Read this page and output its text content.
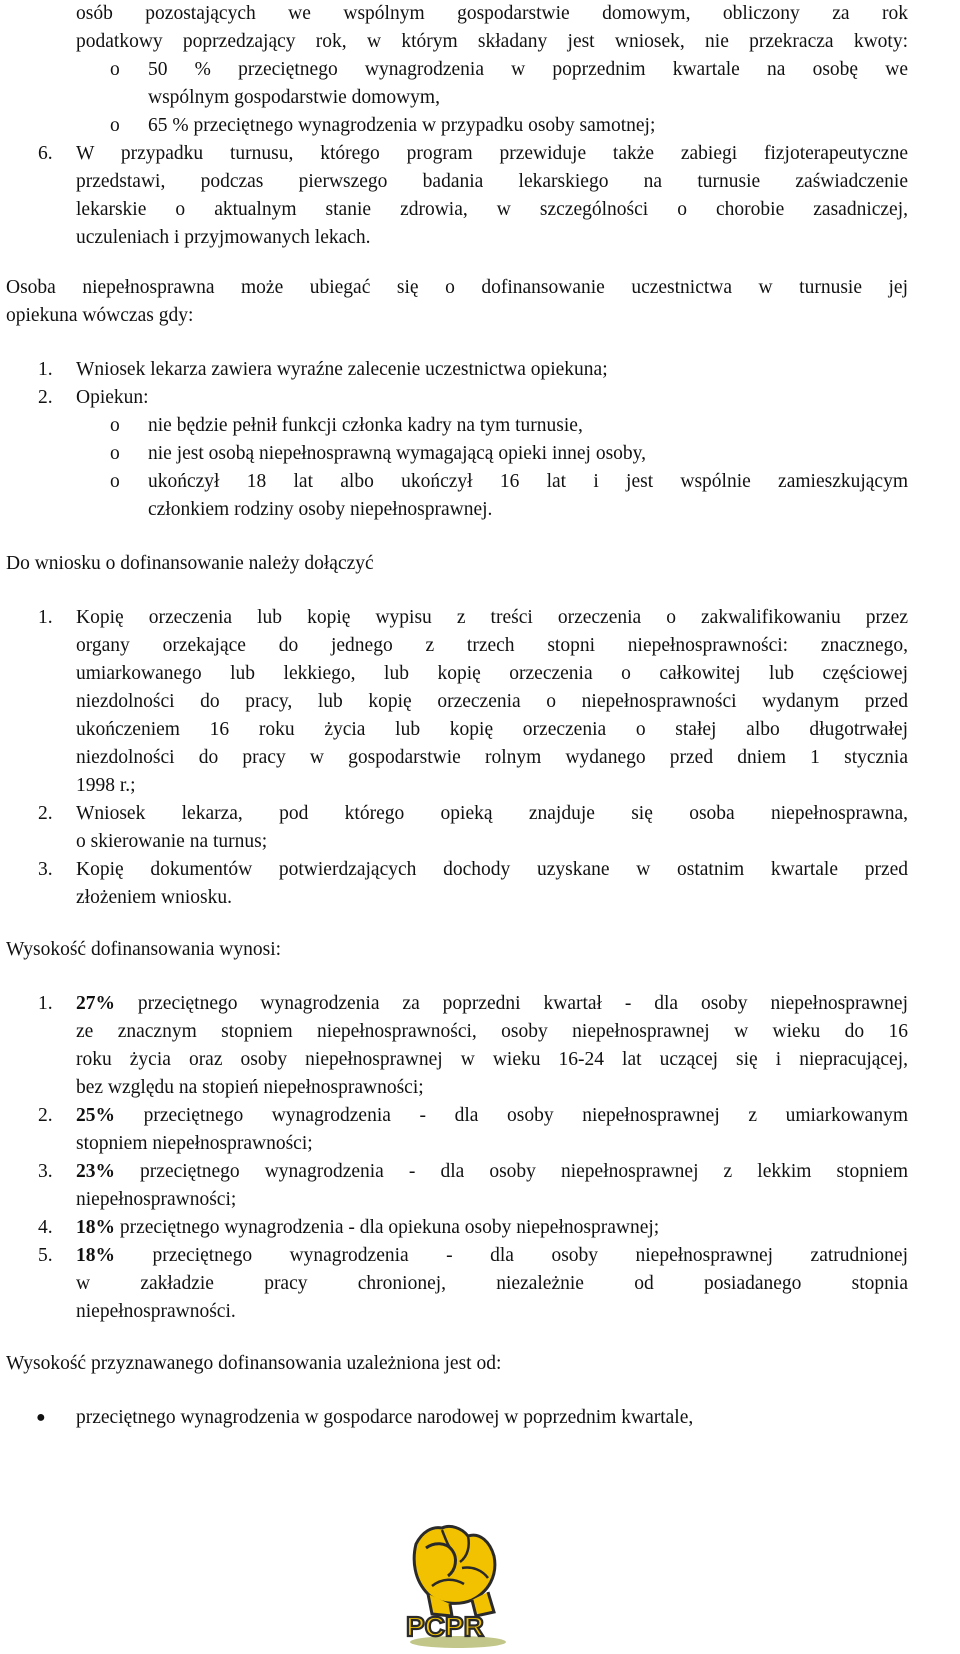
osób pozostających we wspólnym gospodarstwie domowym, obliczony za rok
podatkowy poprzedzający rok, w którym składany jest wniosek, nie przekracza kwoty:
o 50 % przeciętnego wynagrodzenia w poprzednim kwartale na osobę we
wspólnym gospodarstwie domowym,
o 65 % przeciętnego wynagrodzenia w przypadku osoby samotnej;
6. W przypadku turnusu, którego program przewiduje także zabiegi fizjoterapeutyczne
przedstawi, podczas pierwszego badania lekarskiego na turnusie zaświadczenie
lekarskie o aktualnym stanie zdrowia, w szczególności o chorobie zasadniczej,
uczuleniach i przyjmowanych lekach.
Osoba niepełnosprawna może ubiegać się o dofinansowanie uczestnictwa w turnusie jej
opiekuna wówczas gdy:
1. Wniosek lekarza zawiera wyraźne zalecenie uczestnictwa opiekuna;
2. Opiekun:
o nie będzie pełnił funkcji członka kadry na tym turnusie,
o nie jest osobą niepełnosprawną wymagającą opieki innej osoby,
o ukończył 18 lat albo ukończył 16 lat i jest wspólnie zamieszkującym
członkiem rodziny osoby niepełnosprawnej.
Do wniosku o dofinansowanie należy dołączyć
1. Kopię orzeczenia lub kopię wypisu z treści orzeczenia o zakwalifikowaniu przez
organy orzekające do jednego z trzech stopni niepełnosprawności: znacznego,
umiarkowanego lub lekkiego, lub kopię orzeczenia o całkowitej lub częściowej
niezdolności do pracy, lub kopię orzeczenia o niepełnosprawności wydanym przed
ukończeniem 16 roku życia lub kopię orzeczenia o stałej albo długotrwałej
niezdolności do pracy w gospodarstwie rolnym wydanego przed dniem 1 stycznia
1998 r.;
2. Wniosek lekarza, pod którego opieką znajduje się osoba niepełnosprawna,
o skierowanie na turnus;
3. Kopię dokumentów potwierdzających dochody uzyskane w ostatnim kwartale przed
złożeniem wniosku.
Wysokość dofinansowania wynosi:
1. 27% przeciętnego wynagrodzenia za poprzedni kwartał - dla osoby niepełnosprawnej
ze znacznym stopniem niepełnosprawności, osoby niepełnosprawnej w wieku do 16
roku życia oraz osoby niepełnosprawnej w wieku 16-24 lat uczącej się i niepracującej,
bez względu na stopień niepełnosprawności;
2. 25% przeciętnego wynagrodzenia - dla osoby niepełnosprawnej z umiarkowanym
stopniem niepełnosprawności;
3. 23% przeciętnego wynagrodzenia - dla osoby niepełnosprawnej z lekkim stopniem
niepełnosprawności;
4. 18% przeciętnego wynagrodzenia - dla opiekuna osoby niepełnosprawnej;
5. 18% przeciętnego wynagrodzenia - dla osoby niepełnosprawnej zatrudnionej
w zakładzie pracy chronionej, niezależnie od posiadanego stopnia
niepełnosprawności.
Wysokość przyznawanego dofinansowania uzależniona jest od:
● przeciętnego wynagrodzenia w gospodarce narodowej w poprzednim kwartale,
PCPR
